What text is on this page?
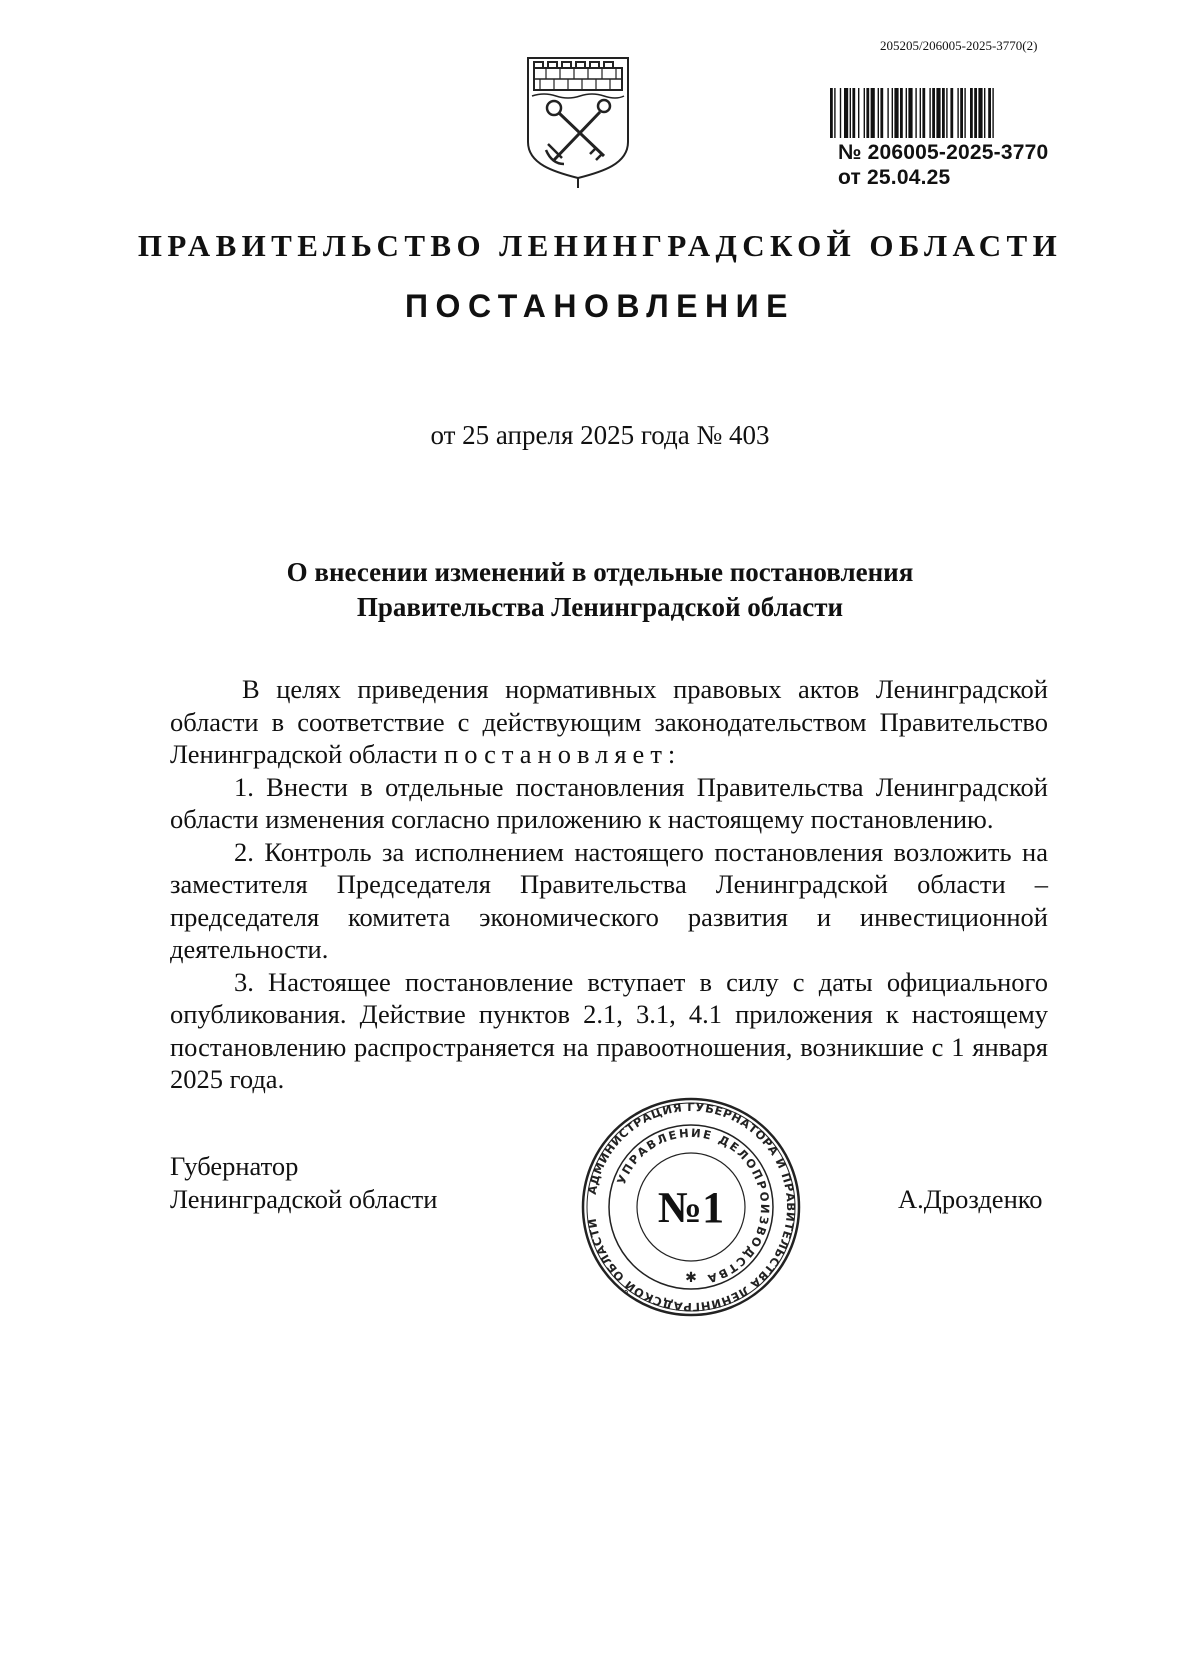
205205/206005-2025-3770(2)
№ 206005-2025-3770
от 25.04.25
ПРАВИТЕЛЬСТВО ЛЕНИНГРАДСКОЙ ОБЛАСТИ
ПОСТАНОВЛЕНИЕ
от 25 апреля 2025 года № 403
О внесении изменений в отдельные постановления
Правительства Ленинградской области

В целях приведения нормативных правовых актов Ленинградской области в соответствие с действующим законодательством Правительство Ленинградской области постановляет:

1. Внести в отдельные постановления Правительства Ленинградской области изменения согласно приложению к настоящему постановлению.

2. Контроль за исполнением настоящего постановления возложить на заместителя Председателя Правительства Ленинградской области – председателя комитета экономического развития и инвестиционной деятельности.

3. Настоящее постановление вступает в силу с даты официального опубликования. Действие пунктов 2.1, 3.1, 4.1 приложения к настоящему постановлению распространяется на правоотношения, возникшие с 1 января 2025 года.

Губернатор
Ленинградской области	А.Дрозденко
АДМИНИСТРАЦИЯ ГУБЕРНАТОРА И ПРАВИТЕЛЬСТВА ЛЕНИНГРАДСКОЙ ОБЛАСТИ
УПРАВЛЕНИЕ ДЕЛОПРОИЗВОДСТВА
№1
✱
